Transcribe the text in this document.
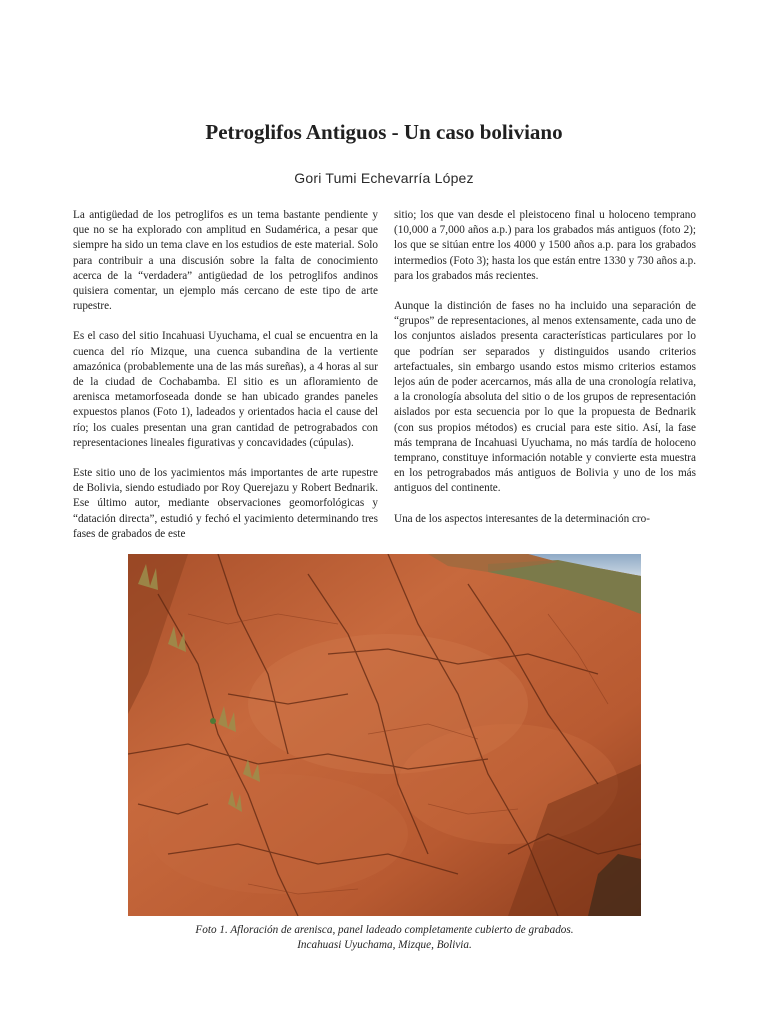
Petroglifos Antiguos - Un caso boliviano
Gori Tumi Echevarría López

La antigüedad de los petroglifos es un tema bastante pendiente y que no se ha explorado con amplitud en Sudamérica, a pesar que siempre ha sido un tema clave en los estudios de este material. Solo para contribuir a una discusión sobre la falta de conocimiento acerca de la “verdadera” antigüedad de los petroglifos andinos quisiera comentar, un ejemplo más cercano de este tipo de arte rupestre.

Es el caso del sitio Incahuasi Uyuchama, el cual se encuentra en la cuenca del río Mizque, una cuenca subandina de la vertiente amazónica (probablemente una de las más sureñas), a 4 horas al sur de la ciudad de Cochabamba. El sitio es un afloramiento de arenisca metamorfoseada donde se han ubicado grandes paneles expuestos planos (Foto 1), ladeados y orientados hacia el cause del río; los cuales presentan una gran cantidad de petrograbados con representaciones lineales figurativas y concavidades (cúpulas).

Este sitio uno de los yacimientos más importantes de arte rupestre de Bolivia, siendo estudiado por Roy Querejazu y Robert Bednarik. Ese último autor, mediante observaciones geomorfológicas y “datación directa”, estudió y fechó el yacimiento determinando tres fases de grabados de este

sitio; los que van desde el pleistoceno final u holoceno temprano (10,000 a 7,000 años a.p.) para los grabados más antiguos (foto 2); los que se sitúan entre los 4000 y 1500 años a.p. para los grabados intermedios (Foto 3); hasta los que están entre 1330 y 730 años a.p. para los grabados más recientes.

Aunque la distinción de fases no ha incluido una separación de “grupos” de representaciones, al menos extensamente, cada uno de los conjuntos aislados presenta características particulares por lo que podrían ser separados y distinguidos usando criterios artefactuales, sin embargo usando estos mismo criterios estamos lejos aún de poder acercarnos, más alla de una cronología relativa, a la cronología absoluta del sitio o de los grupos de representación aislados por esta secuencia por lo que la propuesta de Bednarik (con sus propios métodos) es crucial para este sitio. Así, la fase más temprana de Incahuasi Uyuchama, no más tardía de holoceno temprano, constituye información notable y convierte esta muestra en los petrograbados más antiguos de Bolivia y uno de los más antiguos del continente.

Una de los aspectos interesantes de la determinación cro-

Foto 1. Afloración de arenisca, panel ladeado completamente cubierto de grabados.
Incahuasi Uyuchama, Mizque, Bolivia.
